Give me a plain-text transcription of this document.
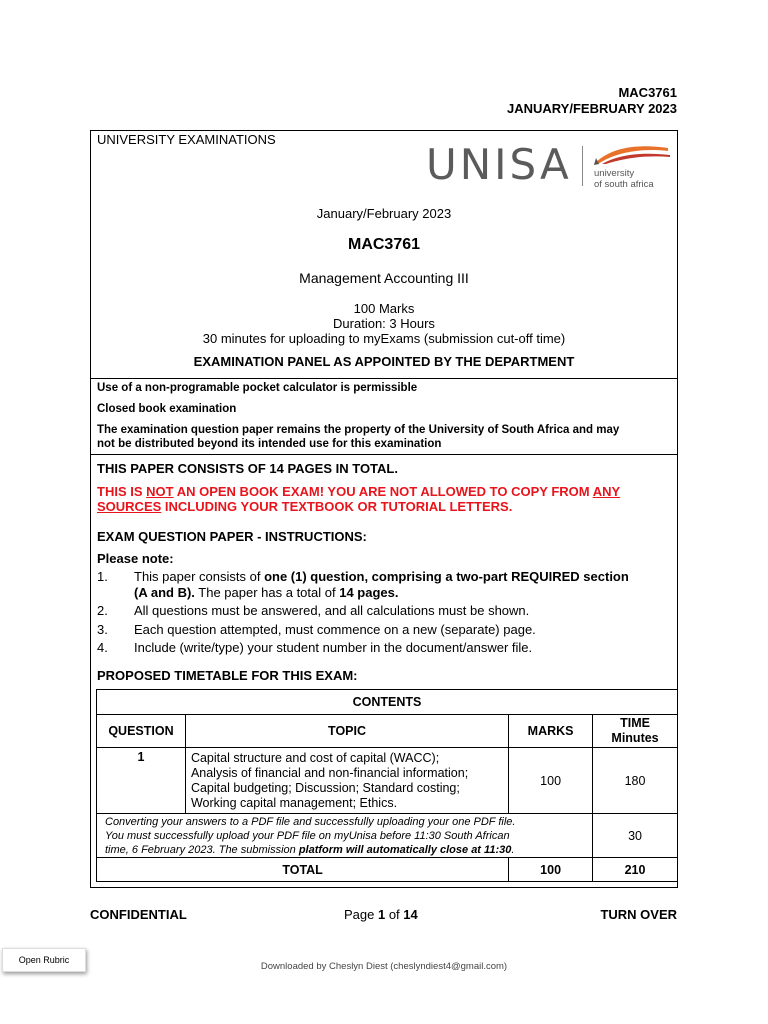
MAC3761
JANUARY/FEBRUARY 2023
UNIVERSITY EXAMINATIONS
UNISA university
of south africa
January/February 2023
MAC3761
Management Accounting III
100 Marks
Duration: 3 Hours
30 minutes for uploading to myExams (submission cut-off time)
EXAMINATION PANEL AS APPOINTED BY THE DEPARTMENT
Use of a non-programable pocket calculator is permissible
Closed book examination
The examination question paper remains the property of the University of South Africa and may
not be distributed beyond its intended use for this examination
THIS PAPER CONSISTS OF 14 PAGES IN TOTAL.
THIS IS NOT AN OPEN BOOK EXAM! YOU ARE NOT ALLOWED TO COPY FROM ANY
SOURCES INCLUDING YOUR TEXTBOOK OR TUTORIAL LETTERS.
EXAM QUESTION PAPER - INSTRUCTIONS:
Please note:
1.	This paper consists of one (1) question, comprising a two-part REQUIRED section
(A and B). The paper has a total of 14 pages.
2.	All questions must be answered, and all calculations must be shown.
3.	Each question attempted, must commence on a new (separate) page.
4.	Include (write/type) your student number in the document/answer file.
PROPOSED TIMETABLE FOR THIS EXAM:
CONTENTS			
QUESTION	TOPIC	MARKS	TIME
Minutes

1	Capital structure and cost of capital (WACC);
Analysis of financial and non-financial information;
Capital budgeting; Discussion; Standard costing;
Working capital management; Ethics.	100	180

Converting your answers to a PDF file and successfully uploading your one PDF file.
You must successfully upload your PDF file on myUnisa before 11:30 South African
time, 6 February 2023. The submission platform will automatically close at 11:30.			30
TOTAL		100	210
CONFIDENTIAL	Page 1 of 14	TURN OVER
Open Rubric
Downloaded by Cheslyn Diest (cheslyndiest4@gmail.com)
